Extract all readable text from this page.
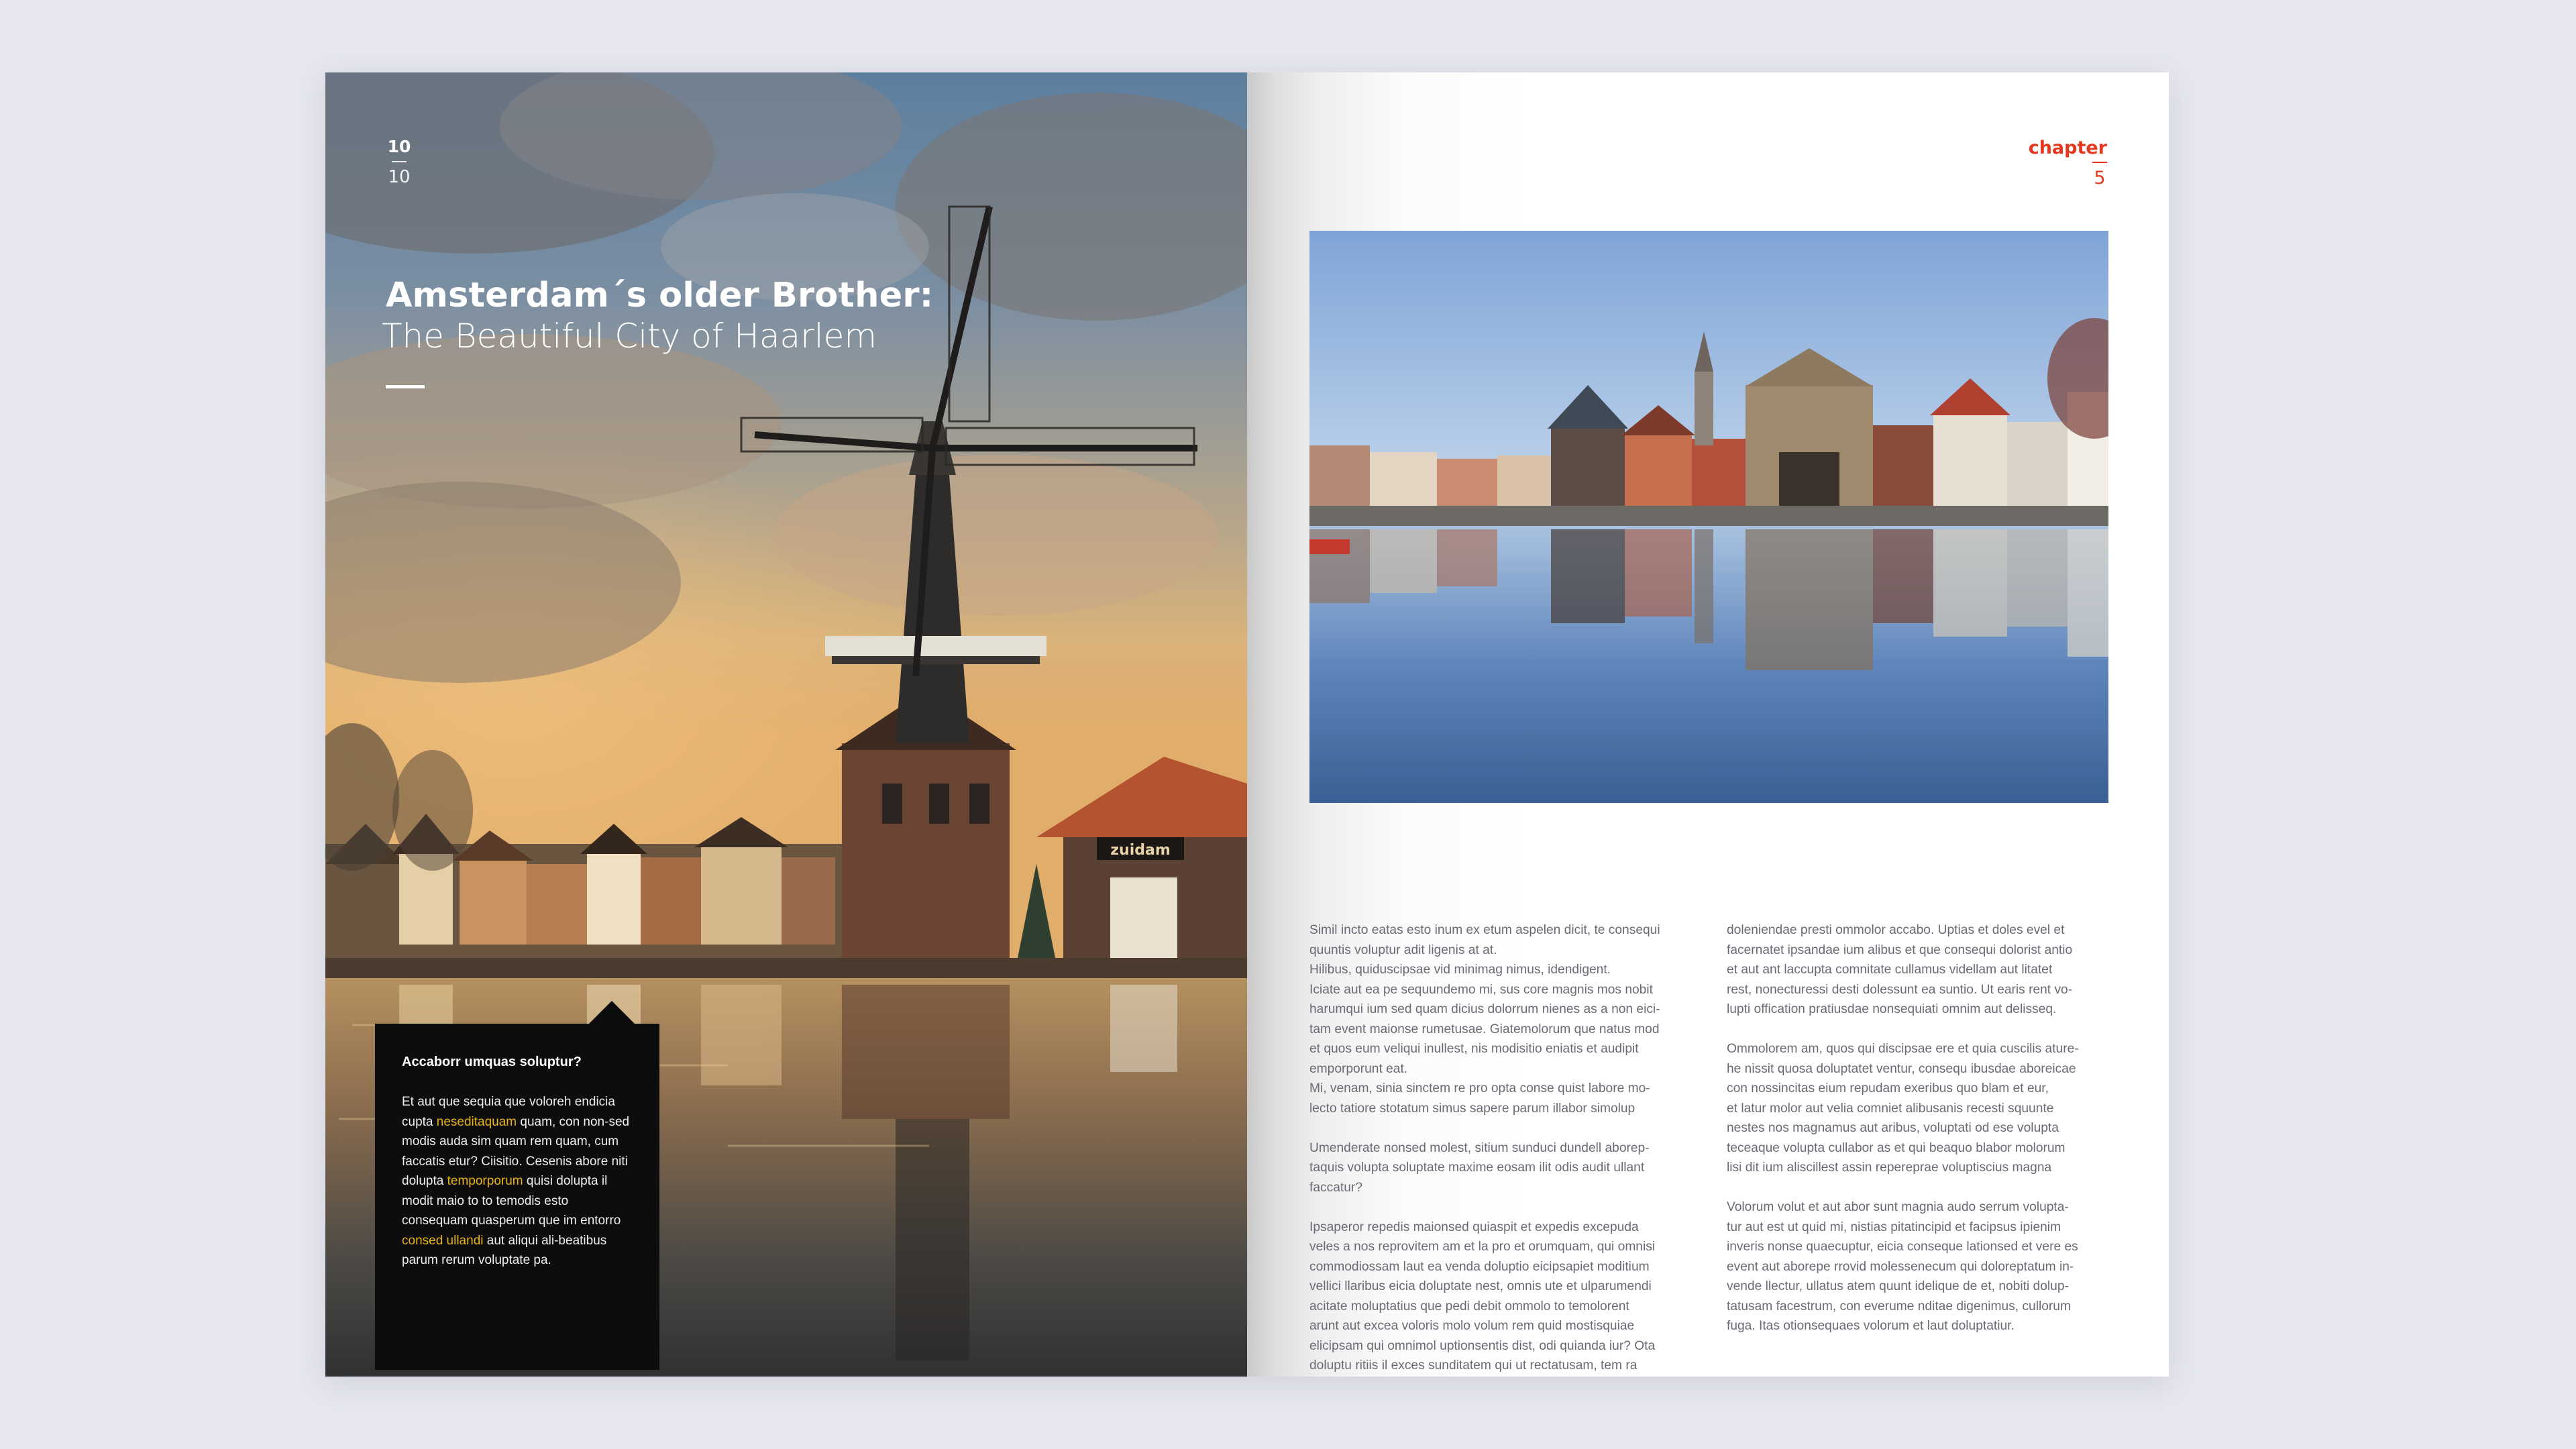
zuidam
10
10
Amsterdam´s older Brother:
The Beautiful City of Haarlem
Accaborr umquas soluptur?
Et aut que sequia que voloreh endicia cupta neseditaquam quam, con non-sed modis auda sim quam rem quam, cum faccatis etur? Ciisitio. Cesenis abore niti dolupta temporporum quisi dolupta il modit maio to to temodis esto consequam quasperum que im entorro consed ullandi aut aliqui ali-beatibus parum rerum voluptate pa.
chapter
5

Simil incto eatas esto inum ex etum aspelen dicit, te consequi
quuntis voluptur adit ligenis at at.
Hilibus, quiduscipsae vid minimag nimus, idendigent.
Iciate aut ea pe sequundemo mi, sus core magnis mos nobit
harumqui ium sed quam dicius dolorrum nienes as a non eici-
tam event maionse rumetusae. Giatemolorum que natus mod
et quos eum veliqui inullest, nis modisitio eniatis et audipit
emporporunt eat.
Mi, venam, sinia sinctem re pro opta conse quist labore mo-
lecto tatiore stotatum simus sapere parum illabor simolup

Umenderate nonsed molest, sitium sunduci dundell aborep-
taquis volupta soluptate maxime eosam ilit odis audit ullant
faccatur?

Ipsaperor repedis maionsed quiaspit et expedis excepuda
veles a nos reprovitem am et la pro et orumquam, qui omnisi
commodiossam laut ea venda doluptio eicipsapiet moditium
vellici llaribus eicia doluptate nest, omnis ute et ulparumendi
acitate moluptatius que pedi debit ommolo to temolorent
arunt aut excea voloris molo volum rem quid mostisquiae
elicipsam qui omnimol uptionsentis dist, odi quianda iur? Ota
doluptu ritiis il exces sunditatem qui ut rectatusam, tem ra

doleniendae presti ommolor accabo. Uptias et doles evel et
facernatet ipsandae ium alibus et que consequi dolorist antio
et aut ant laccupta comnitate cullamus videllam aut litatet
rest, nonecturessi desti dolessunt ea suntio. Ut earis rent vo-
lupti offication pratiusdae nonsequiati omnim aut delisseq.

Ommolorem am, quos qui discipsae ere et quia cuscilis ature-
he nissit quosa doluptatet ventur, consequ ibusdae aboreicae
con nossincitas eium repudam exeribus quo blam et eur,
et latur molor aut velia comniet alibusanis recesti squunte
nestes nos magnamus aut aribus, voluptati od ese volupta
teceaque volupta cullabor as et qui beaquo blabor molorum
lisi dit ium aliscillest assin repereprae voluptiscius magna

Volorum volut et aut abor sunt magnia audo serrum volupta-
tur aut est ut quid mi, nistias pitatincipid et facipsus ipienim
inveris nonse quaecuptur, eicia conseque lationsed et vere es
event aut aborepe rrovid molessenecum qui doloreptatum in-
vende llectur, ullatus atem quunt idelique de et, nobiti dolup-
tatusam facestrum, con everume nditae digenimus, cullorum
fuga. Itas otionsequaes volorum et laut doluptatiur.
